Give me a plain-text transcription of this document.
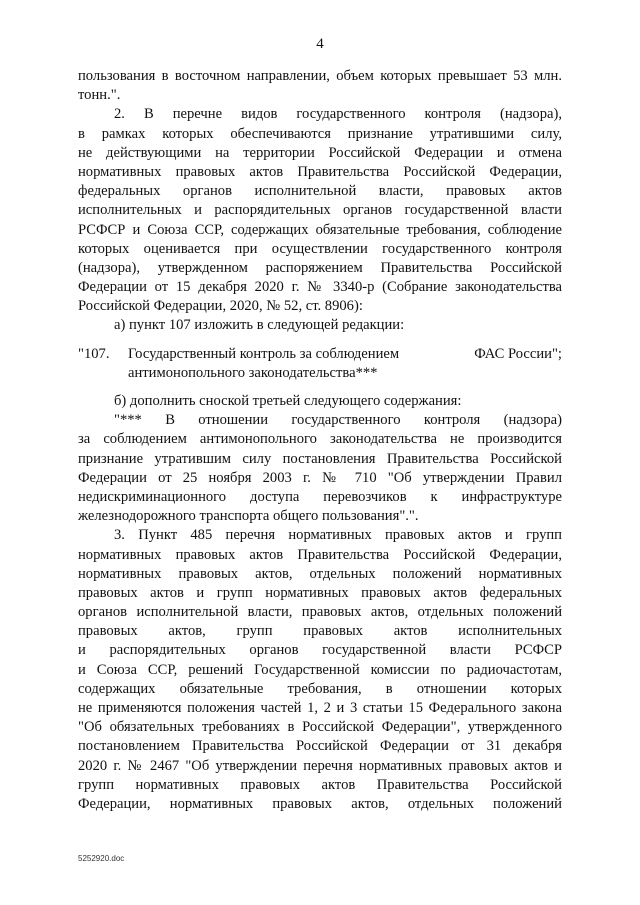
4
пользования в восточном направлении, объем которых превышает 53 млн.
тонн.".
2. В перечне видов государственного контроля (надзора),
в рамках которых обеспечиваются признание утратившими силу,
не действующими на территории Российской Федерации и отмена
нормативных правовых актов Правительства Российской Федерации,
федеральных органов исполнительной власти, правовых актов
исполнительных и распорядительных органов государственной власти
РСФСР и Союза ССР, содержащих обязательные требования, соблюдение
которых оценивается при осуществлении государственного контроля
(надзора), утвержденном распоряжением Правительства Российской
Федерации от 15 декабря 2020 г. № 3340-р (Собрание законодательства
Российской Федерации, 2020, № 52, ст. 8906):
а) пункт 107 изложить в следующей редакции:
"107.	Государственный контроль за соблюдением	ФАС России";
антимонопольного законодательства***
б) дополнить сноской третьей следующего содержания:
"*** В отношении государственного контроля (надзора)
за соблюдением антимонопольного законодательства не производится
признание утратившим силу постановления Правительства Российской
Федерации от 25 ноября 2003 г. № 710 "Об утверждении Правил
недискриминационного доступа перевозчиков к инфраструктуре
железнодорожного транспорта общего пользования".".
3. Пункт 485 перечня нормативных правовых актов и групп
нормативных правовых актов Правительства Российской Федерации,
нормативных правовых актов, отдельных положений нормативных
правовых актов и групп нормативных правовых актов федеральных
органов исполнительной власти, правовых актов, отдельных положений
правовых актов, групп правовых актов исполнительных
и распорядительных органов государственной власти РСФСР
и Союза ССР, решений Государственной комиссии по радиочастотам,
содержащих обязательные требования, в отношении которых
не применяются положения частей 1, 2 и 3 статьи 15 Федерального закона
"Об обязательных требованиях в Российской Федерации", утвержденного
постановлением Правительства Российской Федерации от 31 декабря
2020 г. № 2467 "Об утверждении перечня нормативных правовых актов и
групп нормативных правовых актов Правительства Российской
Федерации, нормативных правовых актов, отдельных положений
5252920.doc
